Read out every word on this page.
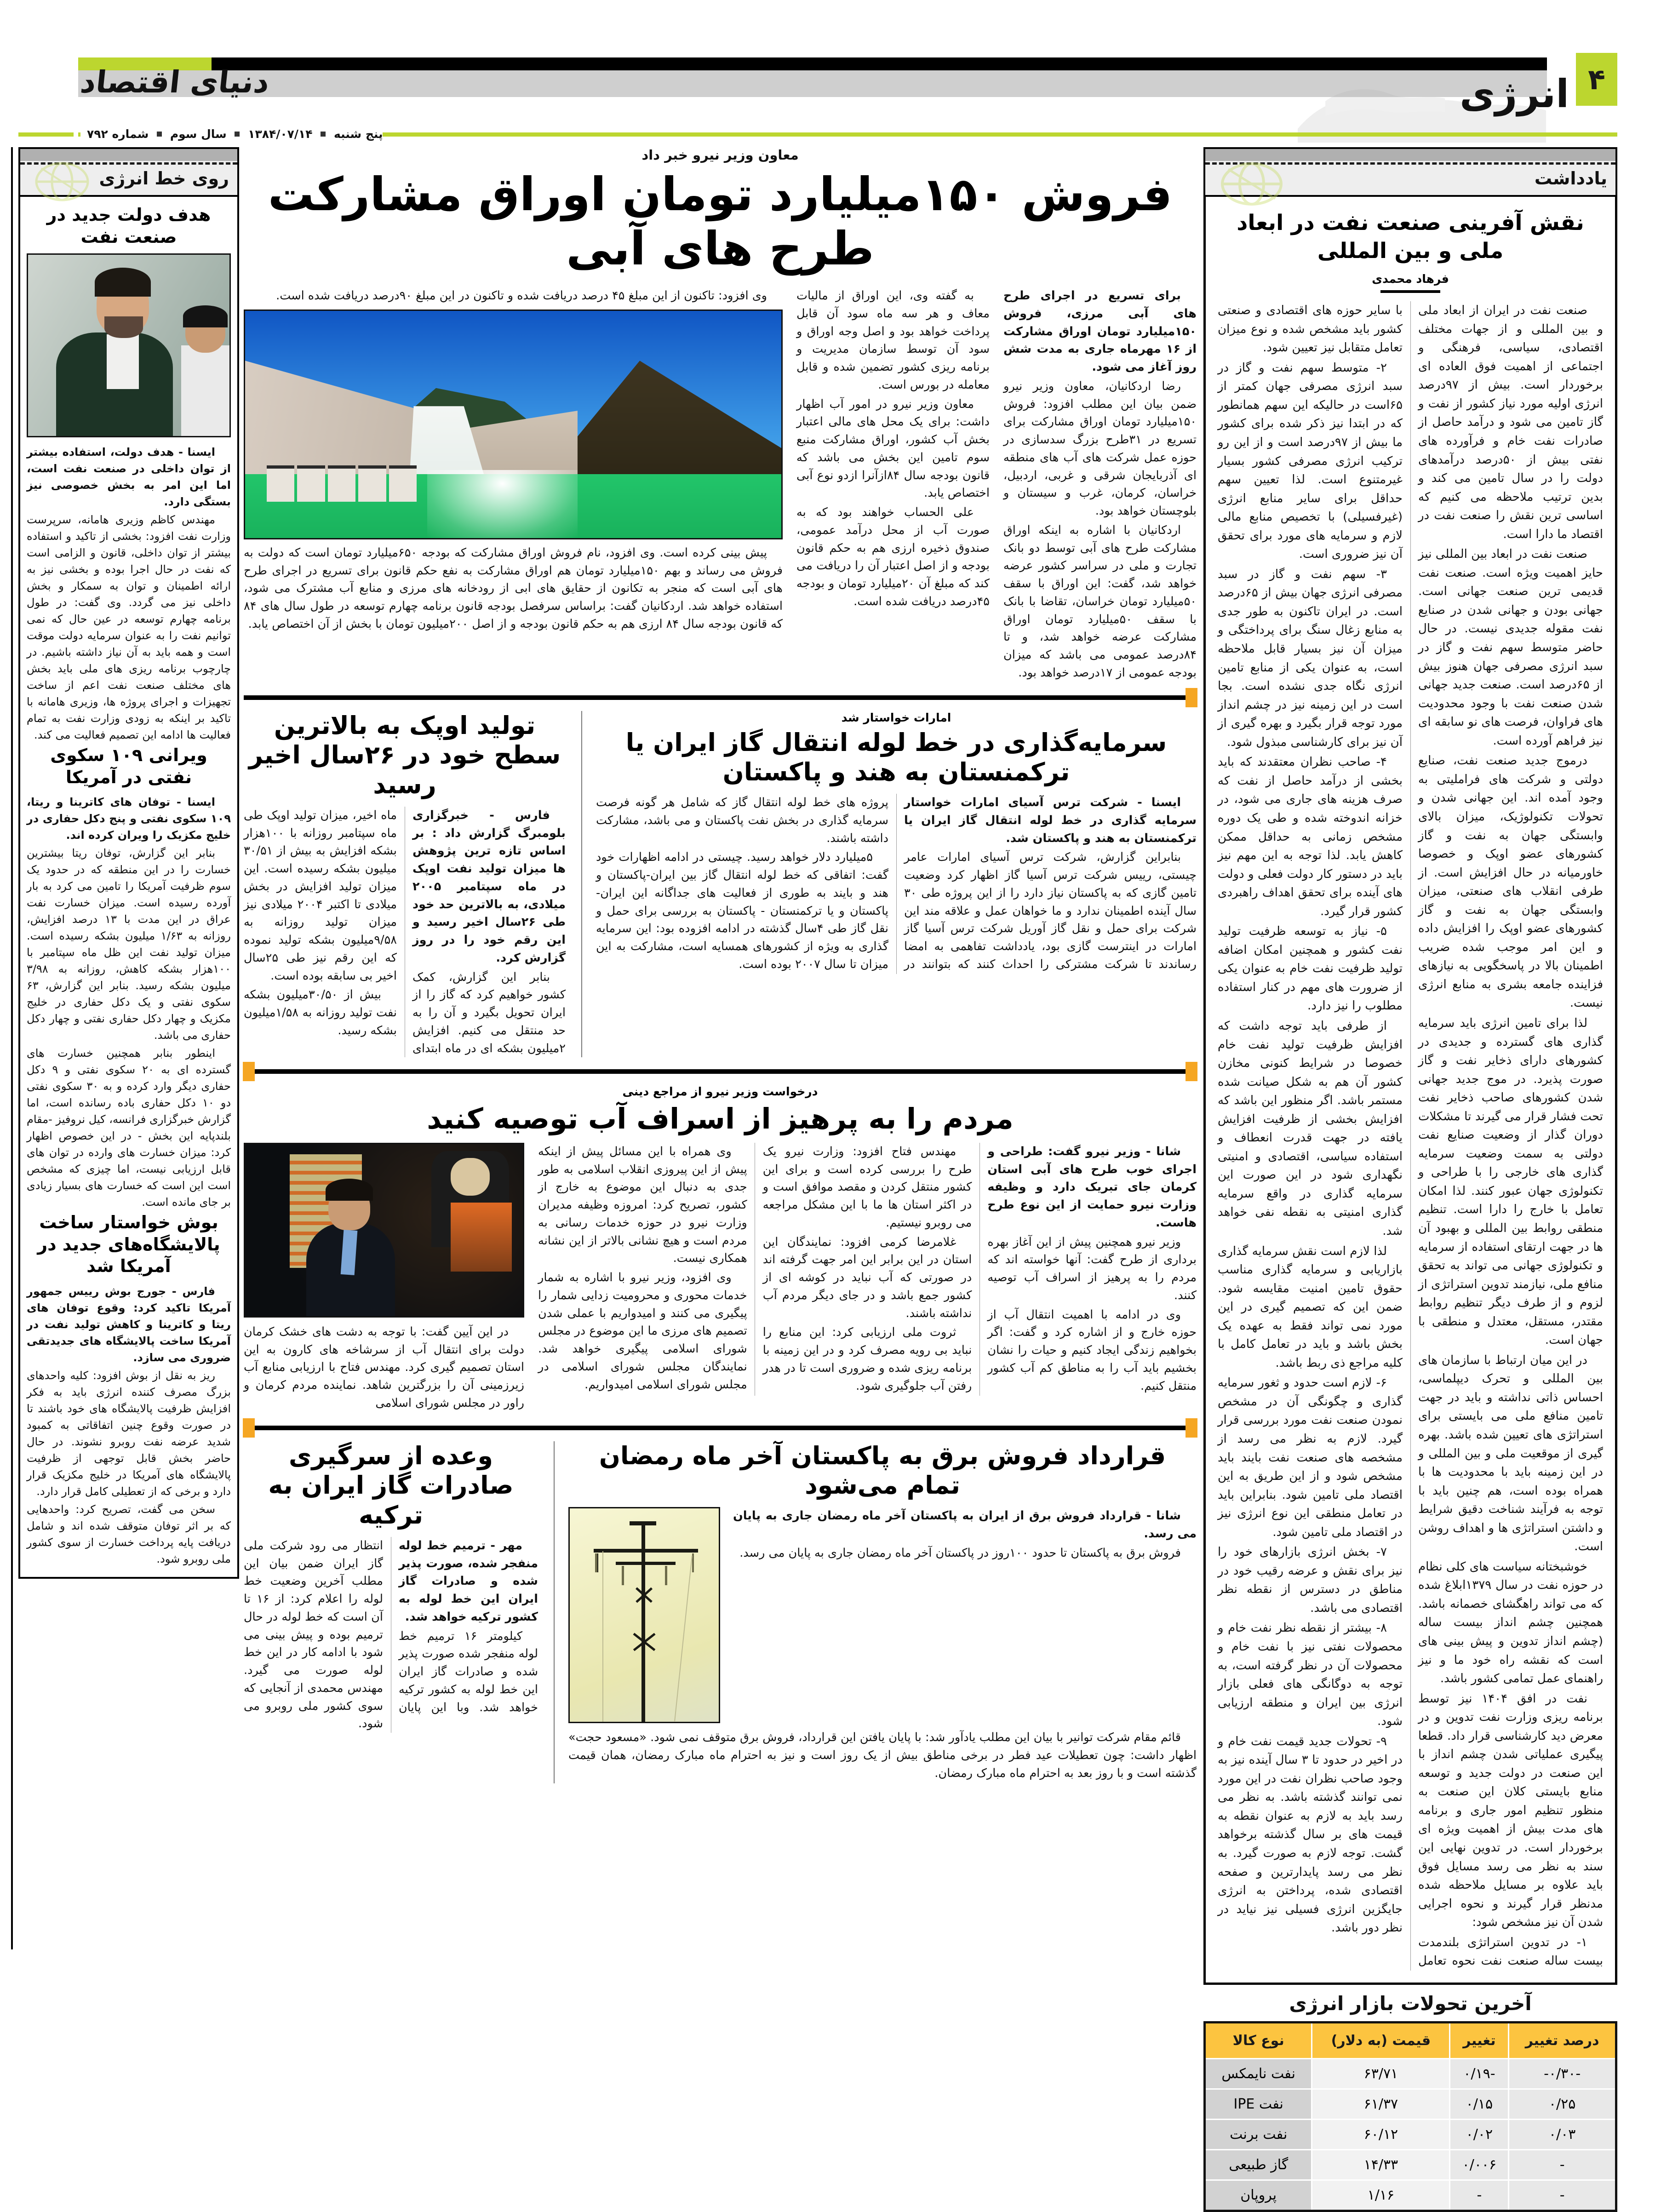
۴
دنیای اقتصاد	انرژی
پنج شنبه  ۱۳۸۴/۰۷/۱۴  سال سوم  شماره ۷۹۲
روی خط انرژی
هدف دولت جدید در صنعت نفت

ایسنا - هدف دولت، استفاده بیشتر از توان داخلی در صنعت نفت است، اما این امر به بخش خصوصی نیز بستگی دارد.

مهندس کاظم وزیری هامانه، سرپرست وزارت نفت افزود: بخشی از تاکید و استفاده بیشتر از توان داخلی، قانون و الزامی است که نفت در حال اجرا بوده و بخشی نیز به ارائه اطمینان و توان به سمکار و بخش داخلی نیز می گردد. وی گفت: در طول برنامه چهارم توسعه در عین حال که نمی توانیم نفت را به عنوان سرمایه دولت موقت است و همه باید به آن نیاز داشته باشیم. در چارچوب برنامه ریزی های ملی باید بخش های مختلف صنعت نفت اعم از ساخت تجهیزات و اجرای پروژه ها، وزیری هامانه با تاکید بر اینکه به زودی وزارت نفت به تمام فعالیت ها ادامه این تصمیم فعالیت می کند.

ویرانی ۱۰۹ سکوی نفتی در آمریکا

ایسنا - توفان های کاترینا و ریتا، ۱۰۹ سکوی نفتی و پنج دکل حفاری در خلیج مکزیک را ویران کرده اند.

بنابر این گزارش، توفان ریتا بیشترین خسارت را در این منطقه که در حدود یک سوم ظرفیت آمریکا را تامین می کرد به بار آورده رسیده است. میزان خسارت نفت عراق در این مدت با ۱۳ درصد افزایش، روزانه به ۱/۶۳ میلیون بشکه رسیده است. میزان تولید نفت این ظل ماه سپتامبر با ۱۰۰هزار بشکه کاهش، روزانه به ۳/۹۸ میلیون بشکه رسید. بنابر این گزارش، ۶۳ سکوی نفتی و یک دکل حفاری در خلیج مکزیک و چهار دکل حفاری نفتی و چهار دکل حفاری می باشد.

اینطور بنابر همچنین خسارت های گسترده ای به ۲۰ سکوی نفتی و ۹ دکل حفاری دیگر وارد کرده و به ۳۰ سکوی نفتی دو ۱۰ دکل حفاری باده رسانده است، اما گزارش خبرگزاری فرانسه، کیل نروفیز -مقام بلندپایه این بخش - در این خصوص اظهار کرد: میزان خسارت های وارده در توان های قابل ارزیابی نیست، اما چیزی که مشخص است این است که خسارت های بسیار زیادی بر جای مانده است.

بوش خواستار ساخت پالایشگاه‌های جدید در آمریکا شد

فارس - جورج بوش رییس جمهور آمریکا تاکید کرد: وقوع توفان های ریتا و کاترینا و کاهش تولید نفت در آمریکا ساخت پالایشگاه های جدیدتقی ضروری می سازد.

ریز به نقل از بوش افزود: کلیه واحدهای بزرگ مصرف کننده انرژی باید به فکر افزایش ظرفیت پالایشگاه های خود باشند تا در صورت وقوع چنین اتفاقاتی به کمبود شدید عرضه نفت روبرو نشوند. در حال حاضر بخش قابل توجهی از ظرفیت پالایشگاه های آمریکا در خلیج مکزیک قرار دارد و برخی که از تعطیلی کامل قرار دارد.

سخن می گفت، تصریح کرد: واحدهایی که بر اثر توفان متوقف شده اند و شامل دریافت پایه پرداخت خسارت از سوی کشور ملی روبرو شود.

معاون وزیر نیرو خبر داد
فروش ۱۵۰میلیارد تومان اوراق مشارکت طرح های آبی

برای تسریع در اجرای طرح های آبی مرزی، فروش ۱۵۰میلیارد تومان اوراق مشارکت از ۱۶ مهرماه جاری به مدت شش روز آغاز می شود.

رضا اردکانیان، معاون وزیر نیرو ضمن بیان این مطلب افزود: فروش ۱۵۰میلیارد تومان اوراق مشارکت برای تسریع در ۳۱طرح بزرگ سدسازی در حوزه عمل شرکت های آب های منطقه ای آذربایجان شرقی و غربی، اردبیل، خراسان، کرمان، غرب و سیستان و بلوچستان خواهد بود.

اردکانیان با اشاره به اینکه اوراق مشارکت طرح های آبی توسط دو بانک تجارت و ملی در سراسر کشور عرضه خواهد شد، گفت: این اوراق با سقف ۵۰میلیارد تومان خراسان، تقاضا با بانک با سقف ۵۰میلیارد تومان اوراق مشارکت عرضه خواهد شد، و تا ۸۴درصد عمومی می باشد که میزان بودجه عمومی از ۱۷درصد خواهد بود.

به گفته وی، این اوراق از مالیات معاف و هر سه ماه سود آن قابل پرداخت خواهد بود و اصل وجه اوراق و سود آن توسط سازمان مدیریت و برنامه ریزی کشور تضمین شده و قابل معامله در بورس است.

معاون وزیر نیرو در امور آب اظهار داشت: برای یک محل های مالی اعتبار بخش آب کشور، اوراق مشارکت منبع سوم تامین این بخش می باشد که قانون بودجه سال ۸۴ازآنرا ازدو نوع آبی اختصاص یابد.

علی الحساب خواهند بود که به صورت آب از محل درآمد عمومی، صندوق ذخیره ارزی هم به حکم قانون بودجه و از اصل اعتبار آن را دریافت می کند که مبلغ آن ۲۰میلیارد تومان و بودجه ۴۵درصد دریافت شده است.

وی افزود: تاکنون از این مبلغ ۴۵ درصد دریافت شده و تاکنون در این مبلغ ۹۰درصد دریافت شده است.

پیش بینی کرده است. وی افزود، نام فروش اوراق مشارکت که بودجه ۶۵۰میلیارد تومان است که دولت به فروش می رساند و بهم ۱۵۰میلیارد تومان هم اوراق مشارکت به نفع حکم قانون برای تسریع در اجرای طرح های آبی است که منجر به تکانون از حقایق های ابی از رودخانه های مرزی و منابع آب مشترک می شود، استفاده خواهد شد. اردکانیان گفت: براساس سرفصل بودجه قانون برنامه چهارم توسعه در طول سال های ۸۴ که قانون بودجه سال ۸۴ ارزی هم به حکم قانون بودجه و از اصل ۲۰۰میلیون تومان با بخش از آن اختصاص یابد.

امارات خواستار شد
سرمایه‌گذاری در خط لوله انتقال گاز ایران یا ترکمنستان به هند و پاکستان

ایسنا - شرکت ترس آسیای امارات خواستار سرمایه گذاری در خط لوله انتقال گاز ایران یا ترکمنستان به هند و پاکستان شد.

بنابراین گزارش، شرکت ترس آسیای امارات عامر چیستی، رییس شرکت ترس آسیا گاز اظهار کرد وضعیت تامین گازی که به پاکستان نیاز دارد را از این پروژه طی ۳۰ سال آینده اطمینان ندارد و ما خواهان عمل و علاقه مند این شرکت برای حمل و نقل گاز آوریل شرکت ترس آسیا گاز امارات در اینترست گازی بود، یادداشت تفاهمی به امضا رساندند تا شرکت مشترکی را احداث کنند که بتوانند در پروژه های خط لوله انتقال گاز که شامل هر گونه فرصت سرمایه گذاری در بخش نفت پاکستان و می باشد، مشارکت داشته باشند.

۵میلیارد دلار خواهد رسید. چیستی در ادامه اظهارات خود گفت: اتفاقی که خط لوله انتقال گاز بین ایران-پاکستان و هند و بایند به طوری از فعالیت های جداگانه این ایران-پاکستان و یا ترکمنستان - پاکستان به بررسی برای حمل و نقل گاز طی ۴سال گذشته در ادامه افزوده بود: این سرمایه گذاری به ویژه از کشورهای همسایه است، مشارکت به این میزان تا سال ۲۰۰۷ بوده است.

تولید اوپک به بالاترین سطح خود در ۲۶سال اخیر رسید

فارس - خبرگزاری بلومبرگ گزارش داد : بر اساس تازه ترین پژوهش ها میزان تولید نفت اوپک در ماه سپتامبر ۲۰۰۵ میلادی، به بالاترین حد خود طی ۲۶سال اخیر رسید و این رقم خود را در روز گزارش کرد.

بنابر این گزارش، کمک کشور خواهیم کرد که گاز را از ایران تحویل بگیرد و آن را به حد منتقل می کنیم. افزایش ۲میلیون بشکه ای در ماه ابتدای ماه اخیر، میزان تولید اوپک طی ماه سپتامبر روزانه با ۱۰۰هزار بشکه افزایش به بیش از ۳۰/۵۱ میلیون بشکه رسیده است. این میزان تولید افزایش در بخش میلادی تا اکتبر ۲۰۰۴ میلادی نیز میزان تولید روزانه به ۹/۵۸میلیون بشکه تولید نموده که این رقم نیز طی ۲۵سال اخیر بی سابقه بوده است.

بیش از ۳۰/۵۰میلیون بشکه نفت تولید روزانه به ۱/۵۸میلیون بشکه رسید.

درخواست وزیر نیرو از مراجع دینی
مردم را به پرهیز از اسراف آب توصیه کنید

شانا - وزیر نیرو گفت: طراحی و اجرای خوب طرح های آبی استان کرمان جای تبریک دارد و وظیفه وزارت نیرو حمایت از این نوع طرح هاست.

وزیر نیرو همچنین پیش از این آغاز بهره برداری از طرح گفت: آنها خواسته اند که مردم را به پرهیز از اسراف آب توصیه کنند.

وی در ادامه با اهمیت انتقال آب از حوزه خارج و از اشاره کرد و گفت: اگر بخواهیم زندگی ایجاد کنیم و حیات را نشان بخشیم باید آب را به مناطق کم آب کشور منتقل کنیم.

مهندس فتاح افزود: وزارت نیرو یک طرح را بررسی کرده است و برای این کشور منتقل کردن و مقصد موافق است و در اکثر استان ها ما با این مشکل مراجعه می روبرو نیستیم.

غلامرضا کرمی افزود: نمایندگان این استان در این برابر این امر جهت گرفته اند در صورتی که آب نباید در کوشه ای از کشور جمع باشد و در جای دیگر مردم آب نداشته باشند.

ثروت ملی ارزیابی کرد: این منابع را نباید بی رویه مصرف کرد و در این زمینه با برنامه ریزی شده و ضروری است تا در هدر رفتن آب جلوگیری شود.

وی همراه با این مسائل پیش از اینکه پیش از این پیروزی انقلاب اسلامی به طور جدی به دنبال این موضوع به خارج از کشور، تصریح کرد: امروزه وظیفه مدیران وزارت نیرو در حوزه خدمات رسانی به مردم است و هیچ نشانی بالاتر از این نشانه همکاری نیست.

وی افزود، وزیر نیرو با اشاره به شمار خدمات محوری و محرومیت زدایی شمار را پیگیری می کنند و امیدواریم با عملی شدن تصمیم های مرزی ما این موضوع در مجلس شورای اسلامی پیگیری خواهد شد. نمایندگان مجلس شورای اسلامی در مجلس شورای اسلامی امیدواریم.

در این آیین گفت: با توجه به دشت های خشک کرمان دولت برای انتقال آب از سرشاخه های کارون به این استان تصمیم گیری کرد. مهندس فتاح با ارزیابی منابع آب زیرزمینی آن را بزرگترین شاهد. نماینده مردم کرمان و راور در مجلس شورای اسلامی

قرارداد فروش برق به پاکستان آخر ماه رمضان تمام می‌شود

شانا - قرارداد فروش برق از ایران به پاکستان آخر ماه رمضان جاری به پایان می رسد.

فروش برق به پاکستان تا حدود ۱۰۰روز در پاکستان آخر ماه رمضان جاری به پایان می رسد.

قائم مقام شرکت توانیر با بیان این مطلب یادآور شد: با پایان یافتن این قرارداد، فروش برق متوقف نمی شود. «مسعود حجت» اظهار داشت: چون تعطیلات عید فطر در برخی مناطق بیش از یک روز است و نیز به احترام ماه مبارک رمضان، همان قیمت گذشته است و با روز بعد به احترام ماه مبارک رمضان.

وعده از سرگیری صادرات گاز ایران به ترکیه

مهر - ترمیم خط لوله منفجر شده، صورت پذیر شده و صادرات گاز ایران این خط لوله به کشور ترکیه خواهد شد.

کیلومتر ۱۶ ترمیم خط لوله منفجر شده صورت پذیر شده و صادرات گاز ایران این خط لوله به کشور ترکیه خواهد شد. وبا این پایان انتظار می رود شرکت ملی گاز ایران ضمن بیان این مطلب آخرین وضعیت خط لوله را اعلام کرد: از ۱۶ تا آن است که خط لوله در حال ترمیم بوده و پیش بینی می شود با ادامه کار در این خط لوله صورت می گیرد. مهندس محمدی از آنجایی که سوی کشور ملی روبرو می شود.

یادداشت
نقش آفرینی صنعت نفت در ابعاد ملی و بین المللی
فرهاد محمدی

صنعت نفت در ایران از ابعاد ملی و بین المللی و از جهات مختلف اقتصادی، سیاسی، فرهنگی و اجتماعی از اهمیت فوق العاده ای برخوردار است. بیش از ۹۷درصد انرژی اولیه مورد نیاز کشور از نفت و گاز تامین می شود و درآمد حاصل از صادرات نفت خام و فرآورده های نفتی بیش از ۵۰درصد درآمدهای دولت را در سال تامین می کند و بدین ترتیب ملاحظه می کنیم که اساسی ترین نقش را صنعت نفت در اقتصاد ما دارا است.

صنعت نفت در ابعاد بین المللی نیز حایز اهمیت ویژه است. صنعت نفت قدیمی ترین صنعت جهانی است. جهانی بودن و جهانی شدن در صنایع نفت مقوله جدیدی نیست. در حال حاضر متوسط سهم نفت و گاز در سبد انرژی مصرفی جهان هنوز بیش از ۶۵درصد است. صنعت جدید جهانی شدن صنعت نفت با وجود محدودیت های فراوان، فرصت های نو سابقه ای نیز فراهم آورده است.

درموج جدید صنعت نفت، صنایع دولتی و شرکت های فراملیتی به وجود آمده اند. این جهانی شدن و تحولات تکنولوژیک، میزان بالای وابستگی جهان به نفت و گاز کشورهای عضو اوپک و خصوصا خاورمیانه در حال افزایش است. از طرفی انقلاب های صنعتی، میزان وابستگی جهان به نفت و گاز کشورهای عضو اوپک را افزایش داده و این امر موجب شده ضریب اطمینان بالا در پاسخگویی به نیازهای فزاینده جامعه بشری به منابع انرژی نیست.

لذا برای تامین انرژی باید سرمایه گذاری های گسترده و جدیدی در کشورهای دارای ذخایر نفت و گاز صورت پذیرد. در موج جدید جهانی شدن کشورهای صاحب ذخایر نفت تحت فشار قرار می گیرند تا مشکلات دوران گذار از وضعیت صنایع نفت دولتی به سمت وضعیت سرمایه گذاری های خارجی را با طراحی و تکنولوژی جهان عبور کنند. لذا امکان تعامل با خارج را دارا است. تنظیم منطقی روابط بین المللی و بهبود آن ها در جهت ارتقای استفاده از سرمایه و تکنولوژی جهانی می تواند به تحقق منافع ملی، نیازمند تدوین استراتژی از لزوم و از طرف دیگر تنظیم روابط مقتدر، مستقل، معتدل و منطقی با جهان است.

در این میان ارتباط با سازمان های بین المللی و تحرک دیپلماسی، احساس ذاتی نداشته و باید در جهت تامین منافع ملی می بایستی برای استراتژی های تعیین شده باشد. بهره گیری از موقعیت ملی و بین المللی و در این زمینه باید با محدودیت ها با همراه بوده است، هم چنین باید با توجه به فرآیند شناخت دقیق شرایط و داشتن استراتژی ها و اهداف روشن است.

خوشبختانه سیاست های کلی نظام در حوزه نفت در سال ۱۳۷۹ابلاغ شده که می تواند راهگشای خصمانه باشد. همچنین چشم انداز بیست ساله (چشم انداز تدوین و پیش بینی های است که نقشه راه خود ما و نیز راهنمای عمل تمامی کشور باشد.

نفت در افق ۱۴۰۴ نیز توسط برنامه ریزی وزارت نفت تدوین و در معرض دید کارشناسی قرار داد. قطعا پیگیری عملیاتی شدن چشم انداز با این صنعت در دولت جدید و توسعه منابع بایستی کلان این صنعت به منظور تنظیم امور جاری و برنامه های مدت بیش از اهمیت ویژه ای برخوردار است. در تدوین نهایی این سند به نظر می رسد مسایل فوق باید علاوه بر مسایل ملاحظه شده مدنظر قرار گیرند و نحوه اجرایی شدن آن نیز مشخص شود:

۱- در تدوین استراتژی بلندمدت بیست ساله صنعت نفت نحوه تعامل با سایر حوزه های اقتصادی و صنعتی کشور باید مشخص شده و نوع میزان تعامل متقابل نیز تعیین شود.

۲- متوسط سهم نفت و گاز در سبد انرژی مصرفی جهان کمتر از ۶۵است در حالیکه این سهم همانطور که در ابتدا نیز ذکر شده برای کشور ما بیش از ۹۷درصد است و از این رو ترکیب انرژی مصرفی کشور بسیار غیرمتنوع است. لذا تعیین سهم حداقل برای سایر منابع انرژی (غیرفسیلی) با تخصیص منابع مالی لازم و سرمایه های مورد برای تحقق آن نیز ضروری است.

۳- سهم نفت و گاز در سبد مصرفی انرژی جهان بیش از ۶۵درصد است. در ایران تاکنون به طور جدی به منابع زغال سنگ برای پرداختگی و میزان آن نیز بسیار قابل ملاحظه است، به عنوان یکی از منابع تامین انرژی نگاه جدی نشده است. بجا است در این زمینه نیز در چشم انداز مورد توجه قرار بگیرد و بهره گیری از آن نیز برای کارشناسی مبذول شود.

۴- صاحب نظران معتقدند که باید بخشی از درآمد حاصل از نفت که صرف هزینه های جاری می شود، در خزانه اندوخته شده و طی یک دوره مشخص زمانی به حداقل ممکن کاهش یابد. لذا توجه به این مهم نیز باید در دستور کار دولت فعلی و دولت های آینده برای تحقق اهداف راهبردی کشور قرار گیرد.

۵- نیاز به توسعه ظرفیت تولید نفت کشور و همچنین امکان اضافه تولید ظرفیت نفت خام به عنوان یکی از ضرورت های مهم در کنار استفاده مطلوب را نیز دارد.

از طرفی باید توجه داشت که افزایش ظرفیت تولید نفت خام خصوصا در شرایط کنونی مخازن کشور آن هم به شکل صیانت شده مستمر باشد. اگر منظور این باشد که افزایش بخشی از ظرفیت افزایش یافته در جهت قدرت انعطاف و استفاده سیاسی، اقتصادی و امنیتی نگهداری شود در این صورت این سرمایه گذاری در واقع سرمایه گذاری امنیتی به نقطه نفی خواهد شد.

لذا لازم است نقش سرمایه گذاری بازاریابی و سرمایه گذاری مناسب حقوق تامین امنیت مقایسه شود. ضمن این که تصمیم گیری در این مورد نمی تواند فقط به عهده یک بخش باشد و باید در تعامل کامل با کلیه مراجع ذی ربط باشد.

۶- لازم است حدود و ثغور سرمایه گذاری و چگونگی آن در مشخص نمودن صنعت نفت مورد بررسی قرار گیرد. لازم به نظر می رسد از مشخصه های صنعت نفت بایند باید مشخص شود و از این طریق به این اقتصاد ملی تامین شود. بنابراین باید در تعامل منطقی این نوع انرژی نیز در اقتصاد ملی تامین شود.

۷- بخش انرژی بازارهای خود را نیز برای نقش و عرضه رقیب خود در مناطق در دسترس از نقطه نظر اقتصادی می باشد.

۸- بیشتر از نقطه نظر نفت خام و محصولات نفتی نیز با نفت خام و محصولات آن در نظر گرفته است، به توجه به دوگانگی های فعلی بازار انرژی بین ایران و منطقه ارزیابی شود.

۹- تحولات جدید قیمت نفت خام و در اخیر در حدود تا ۳ سال آینده نیز به وجود صاحب نظران نفت در این مورد نمی توانند گذشته باشد. به نظر می رسد باید به لازم به عنوان نقطه به قیمت های بر سال گذشته برخواهد گشت. توجه لازم به صورت گیرد. به نظر می رسد پایدارترین و صفحه اقتصادی شده، پرداختن به انرژی جایگزین انرژی فسیلی نیز نیاید در نظر دور باشد.

آخرین تحولات بازار انرژی
درصد تغییر	تغییر	قیمت (به دلار)	نوع کالا
-۰/۳۰-	-۰/۱۹	۶۳/۷۱	نفت نایمکس
۰/۲۵	۰/۱۵	۶۱/۳۷	نفت IPE
۰/۰۳	۰/۰۲	۶۰/۱۲	نفت برنت
-	۰/۰۰۶	۱۴/۳۳	گاز طبیعی
-	-	۱/۱۶	پروپان
